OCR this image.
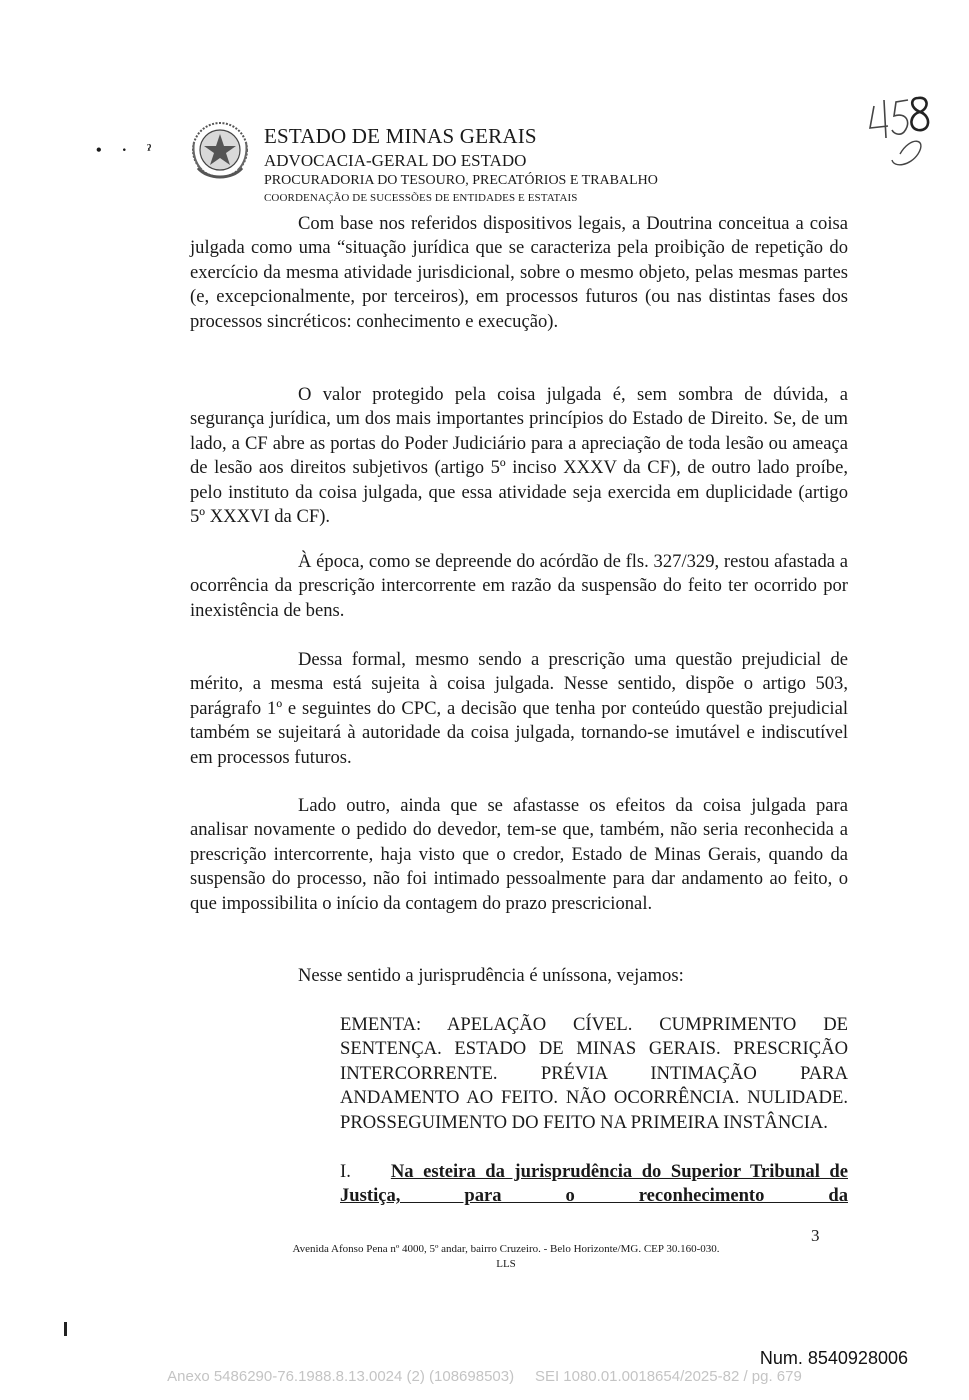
• · ˀ
ESTADO DE MINAS GERAIS
ADVOCACIA-GERAL DO ESTADO
PROCURADORIA DO TESOURO, PRECATÓRIOS E TRABALHO
COORDENAÇÃO DE SUCESSÕES DE ENTIDADES E ESTATAIS
Com base nos referidos dispositivos legais, a Doutrina conceitua a coisa julgada como uma “situação jurídica que se caracteriza pela proibição de repetição do exercício da mesma atividade jurisdicional, sobre o mesmo objeto, pelas mesmas partes (e, excepcionalmente, por terceiros), em processos futuros (ou nas distintas fases dos processos sincréticos: conhecimento e execução).
O valor protegido pela coisa julgada é, sem sombra de dúvida, a segurança jurídica, um dos mais importantes princípios do Estado de Direito. Se, de um lado, a CF abre as portas do Poder Judiciário para a apreciação de toda lesão ou ameaça de lesão aos direitos subjetivos (artigo 5º inciso XXXV da CF), de outro lado proíbe, pelo instituto da coisa julgada, que essa atividade seja exercida em duplicidade (artigo 5º XXXVI da CF).
À época, como se depreende do acórdão de fls. 327/329, restou afastada a ocorrência da prescrição intercorrente em razão da suspensão do feito ter ocorrido por inexistência de bens.
Dessa formal, mesmo sendo a prescrição uma questão prejudicial de mérito, a mesma está sujeita à coisa julgada. Nesse sentido, dispõe o artigo 503, parágrafo 1º e seguintes do CPC, a decisão que tenha por conteúdo questão prejudicial também se sujeitará à autoridade da coisa julgada, tornando-se imutável e indiscutível em processos futuros.
Lado outro, ainda que se afastasse os efeitos da coisa julgada para analisar novamente o pedido do devedor, tem-se que, também, não seria reconhecida a prescrição intercorrente, haja visto que o credor, Estado de Minas Gerais, quando da suspensão do processo, não foi intimado pessoalmente para dar andamento ao feito, o que impossibilita o início da contagem do prazo prescricional.
Nesse sentido a jurisprudência é uníssona, vejamos:
EMENTA: APELAÇÃO CÍVEL. CUMPRIMENTO DE SENTENÇA. ESTADO DE MINAS GERAIS. PRESCRIÇÃO INTERCORRENTE. PRÉVIA INTIMAÇÃO PARA ANDAMENTO AO FEITO. NÃO OCORRÊNCIA. NULIDADE. PROSSEGUIMENTO DO FEITO NA PRIMEIRA INSTÂNCIA.
I. Na esteira da jurisprudência do Superior Tribunal de Justiça, para o reconhecimento da
3
Avenida Afonso Pena nº 4000, 5º andar, bairro Cruzeiro. - Belo Horizonte/MG. CEP 30.160-030.
LLS
Num. 8540928006
Anexo 5486290-76.1988.8.13.0024 (2) (108698503) SEI 1080.01.0018654/2025-82 / pg. 679
